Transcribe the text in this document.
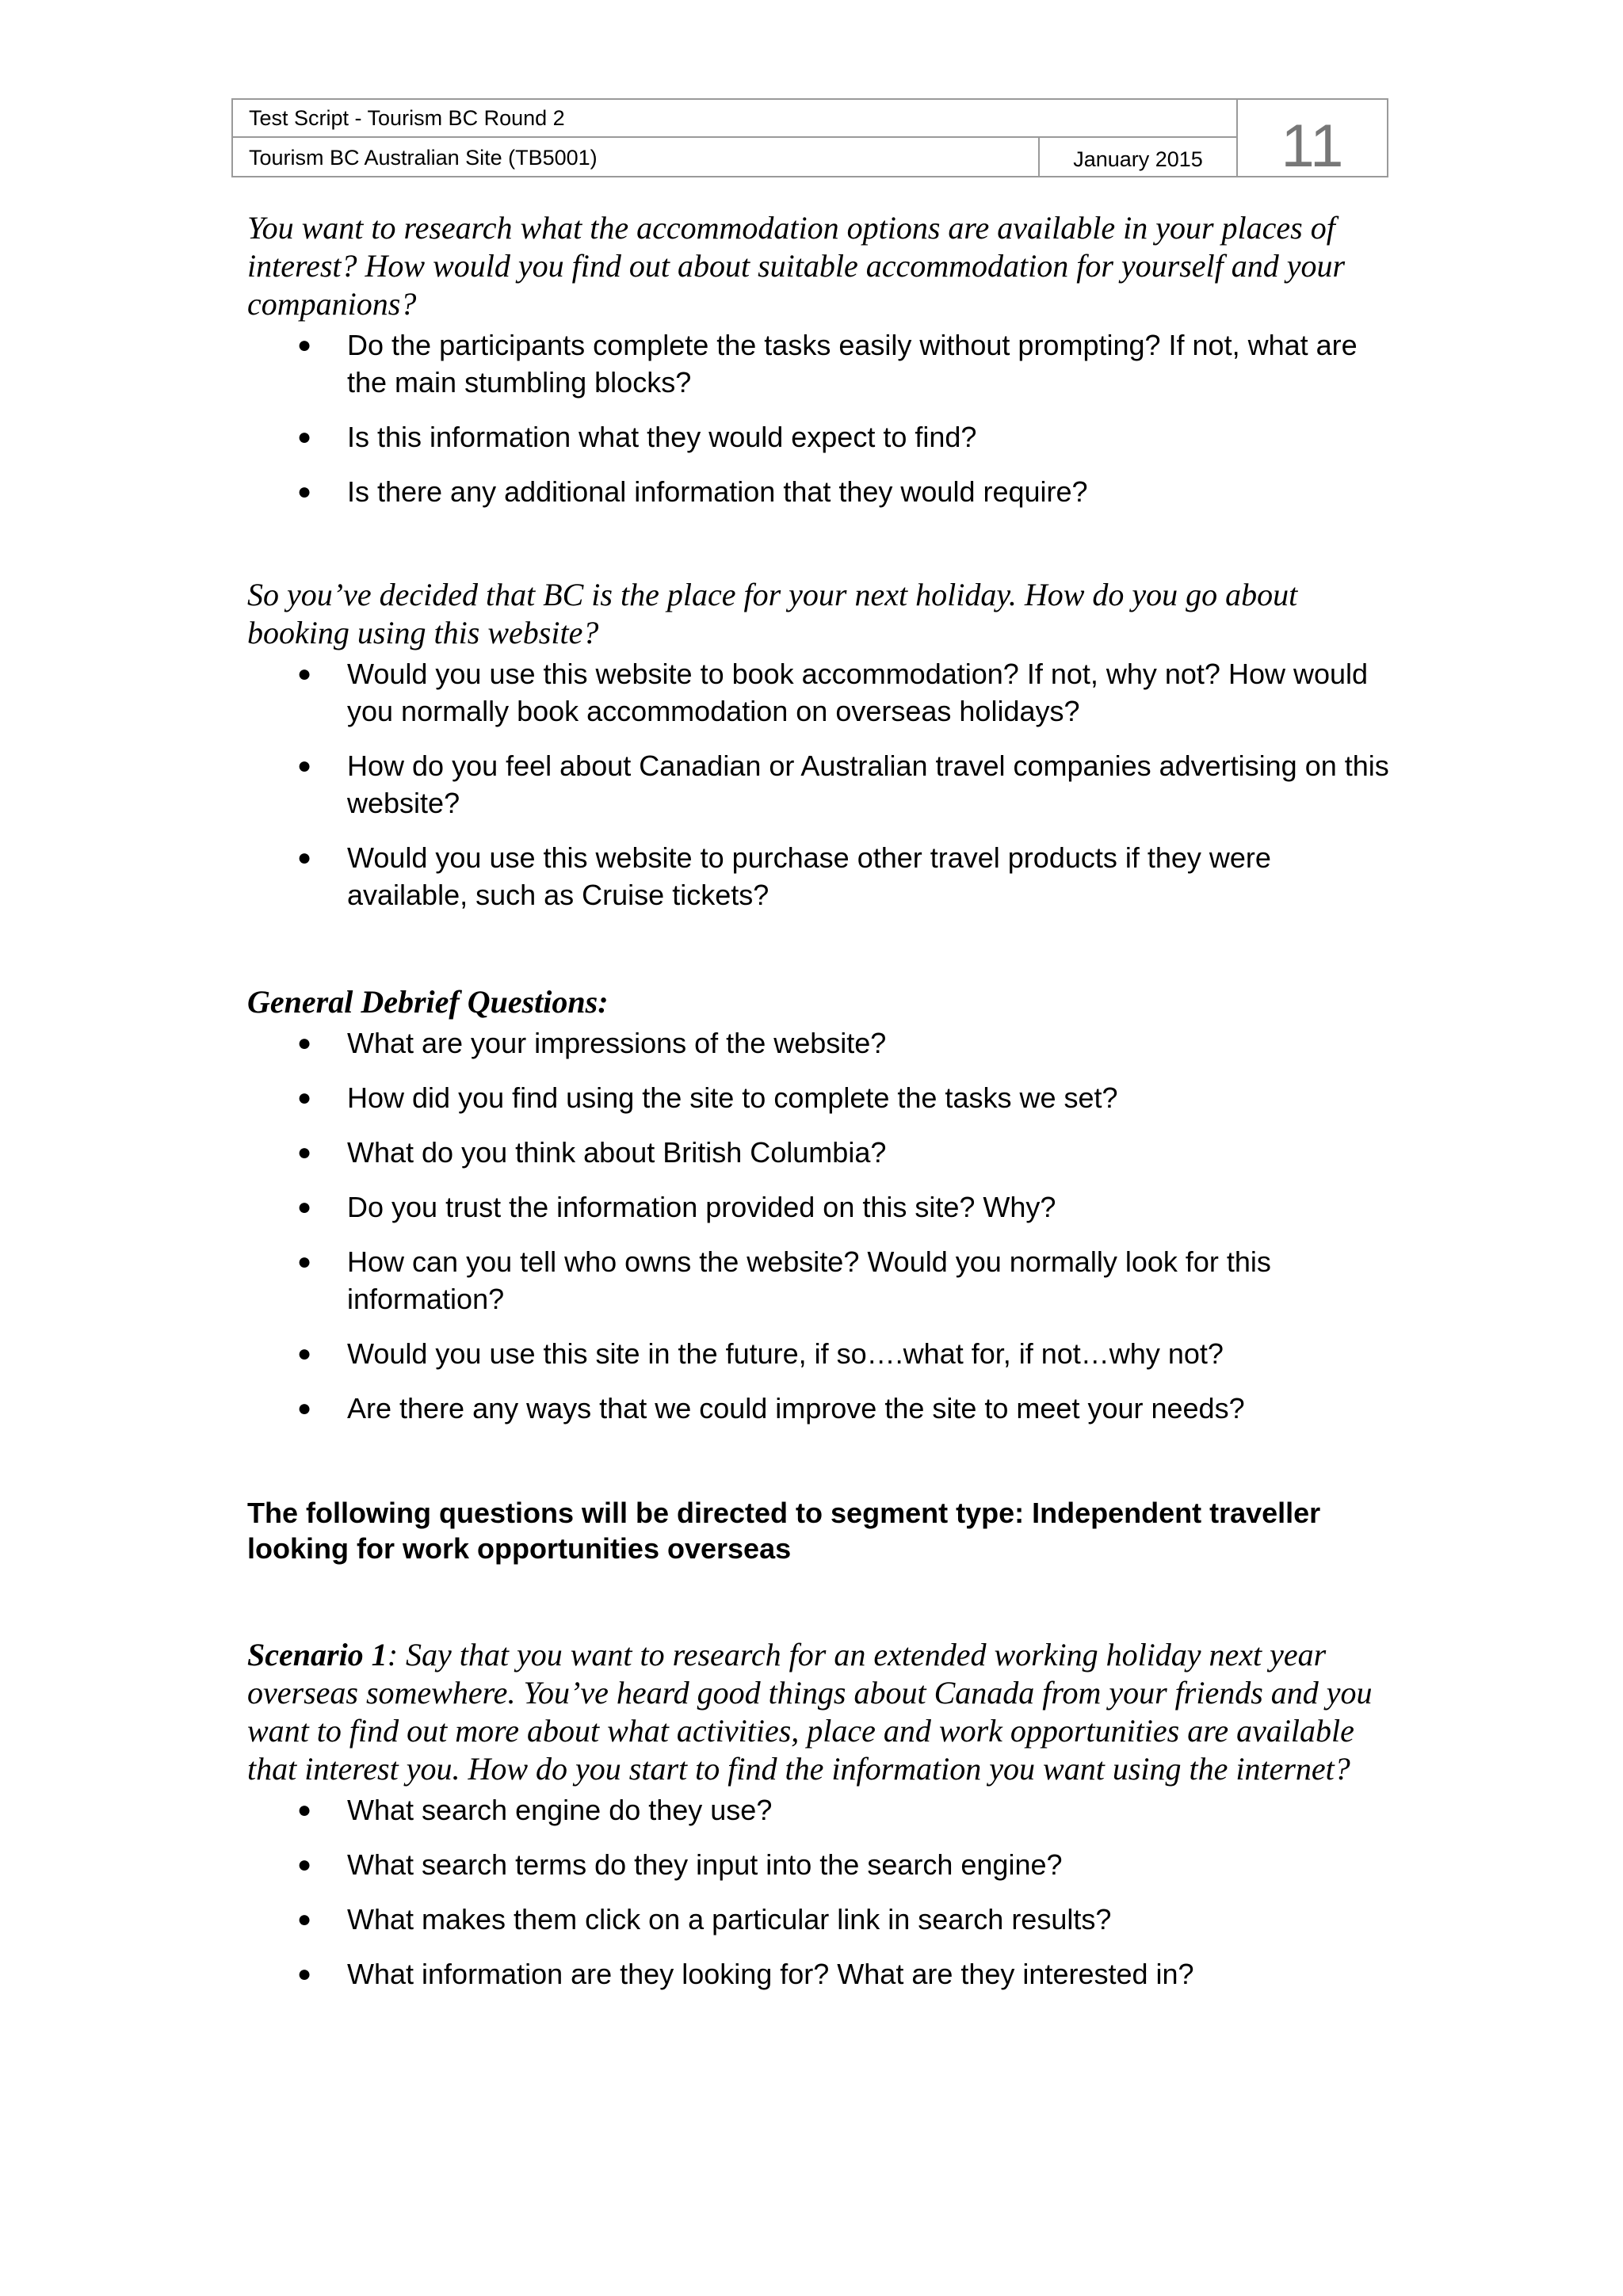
Test Script - Tourism BC Round 2
Tourism BC Australian Site (TB5001)	January 2015	11

You want to research what the accommodation options are available in your places of interest? How would you find out about suitable accommodation for yourself and your companions?

● Do the participants complete the tasks easily without prompting? If not, what are the main stumbling blocks?
● Is this information what they would expect to find?
● Is there any additional information that they would require?

So you’ve decided that BC is the place for your next holiday. How do you go about booking using this website?

● Would you use this website to book accommodation? If not, why not? How would you normally book accommodation on overseas holidays?
● How do you feel about Canadian or Australian travel companies advertising on this website?
● Would you use this website to purchase other travel products if they were available, such as Cruise tickets?

General Debrief Questions:

● What are your impressions of the website?
● How did you find using the site to complete the tasks we set?
● What do you think about British Columbia?
● Do you trust the information provided on this site? Why?
● How can you tell who owns the website? Would you normally look for this information?
● Would you use this site in the future, if so….what for, if not…why not?
● Are there any ways that we could improve the site to meet your needs?

The following questions will be directed to segment type: Independent traveller looking for work opportunities overseas

Scenario 1: Say that you want to research for an extended working holiday next year overseas somewhere. You’ve heard good things about Canada from your friends and you want to find out more about what activities, place and work opportunities are available that interest you. How do you start to find the information you want using the internet?

● What search engine do they use?
● What search terms do they input into the search engine?
● What makes them click on a particular link in search results?
● What information are they looking for? What are they interested in?
